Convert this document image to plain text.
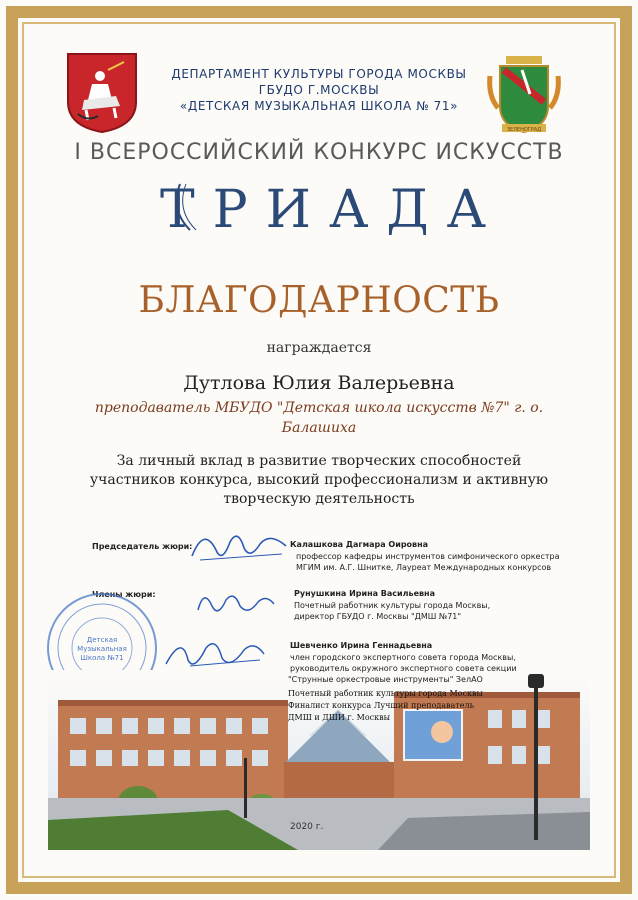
ДЕПАРТАМЕНТ КУЛЬТУРЫ ГОРОДА МОСКВЫ
ГБУДО Г.МОСКВЫ
«ДЕТСКАЯ МУЗЫКАЛЬНАЯ ШКОЛА № 71»
ЗЕЛЕНОГРАД
I ВСЕРОССИЙСКИЙ КОНКУРС ИСКУССТВ
ТРИАДА
БЛАГОДАРНОСТЬ
награждается
Дутлова Юлия Валерьевна
преподаватель МБУДО "Детская школа искусств №7" г. о. Балашиха
За личный вклад в развитие творческих способностей участников конкурса, высокий профессионализм и активную творческую деятельность
Председатель жюри:
Члены жюри:
Детская
Музыкальная
Школа №71
Калашкова Дагмара Оировна
профессор кафедры инструментов симфонического оркестра
МГИМ им. А.Г. Шнитке, Лауреат Международных конкурсов
Рунушкина Ирина Васильевна
Почетный работник культуры города Москвы,
директор ГБУДО г. Москвы "ДМШ №71"
Шевченко Ирина Геннадьевна
член городского экспертного совета города Москвы,
руководитель окружного экспертного совета секции
"Струнные оркестровые инструменты" ЗелАО
Почетный работник культуры города Москвы
Финалист конкурса Лучший преподаватель
ДМШ и ДШИ г. Москвы
2020 г.
